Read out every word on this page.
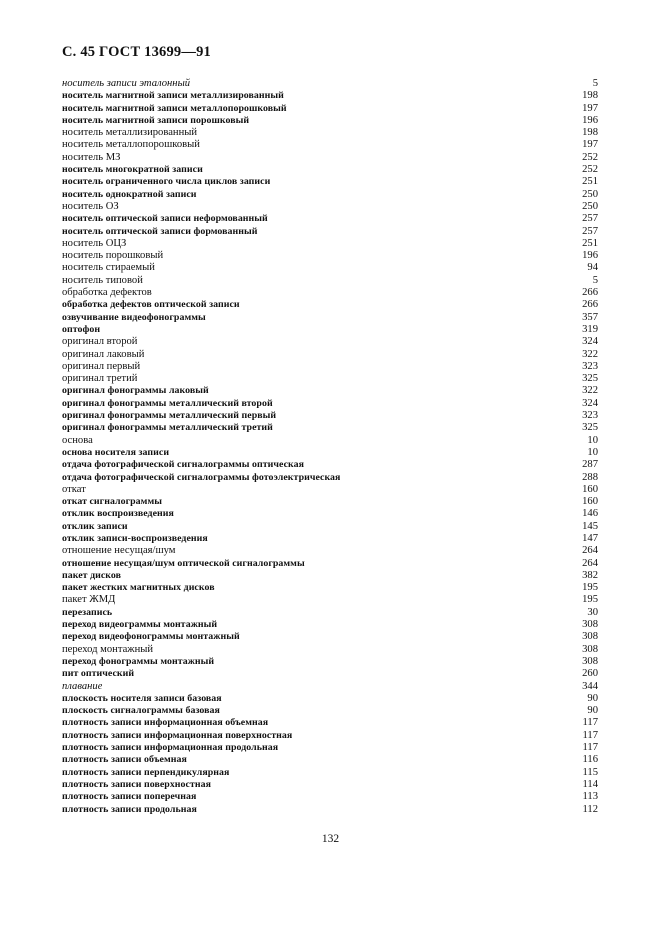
С. 45 ГОСТ 13699—91
носитель записи эталонный	5
носитель магнитной записи металлизированный	198
носитель магнитной записи металлопорошковый	197
носитель магнитной записи порошковый	196
носитель металлизированный	198
носитель металлопорошковый	197
носитель МЗ	252
носитель многократной записи	252
носитель ограниченного числа циклов записи	251
носитель однократной записи	250
носитель ОЗ	250
носитель оптической записи неформованный	257
носитель оптической записи формованный	257
носитель ОЦЗ	251
носитель порошковый	196
носитель стираемый	94
носитель типовой	5
обработка дефектов	266
обработка дефектов оптической записи	266
озвучивание видеофонограммы	357
оптофон	319
оригинал второй	324
оригинал лаковый	322
оригинал первый	323
оригинал третий	325
оригинал фонограммы лаковый	322
оригинал фонограммы металлический второй	324
оригинал фонограммы металлический первый	323
оригинал фонограммы металлический третий	325
основа	10
основа носителя записи	10
отдача фотографической сигналограммы оптическая	287
отдача фотографической сигналограммы фотоэлектрическая	288
откат	160
откат сигналограммы	160
отклик воспроизведения	146
отклик записи	145
отклик записи-воспроизведения	147
отношение несущая/шум	264
отношение несущая/шум оптической сигналограммы	264
пакет дисков	382
пакет жестких магнитных дисков	195
пакет ЖМД	195
перезапись	30
переход видеограммы монтажный	308
переход видеофонограммы монтажный	308
переход монтажный	308
переход фонограммы монтажный	308
пит оптический	260
плавание	344
плоскость носителя записи базовая	90
плоскость сигналограммы базовая	90
плотность записи информационная объемная	117
плотность записи информационная поверхностная	117
плотность записи информационная продольная	117
плотность записи объемная	116
плотность записи перпендикулярная	115
плотность записи поверхностная	114
плотность записи поперечная	113
плотность записи продольная	112
132
